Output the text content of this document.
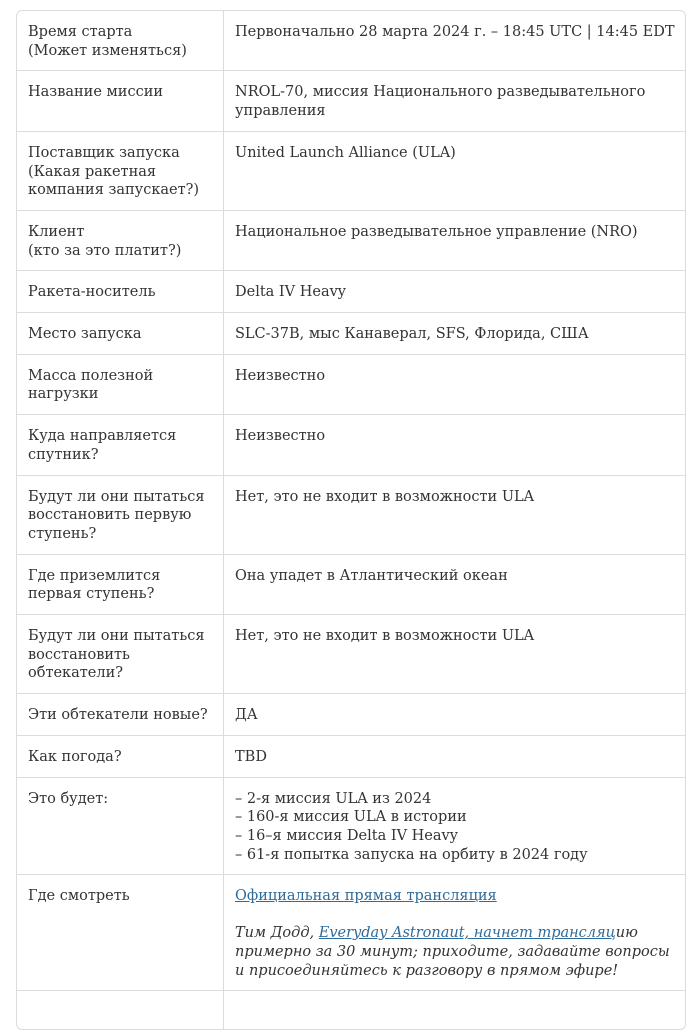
Время старта
(Может изменяться)	Первоначально 28 марта 2024 г. – 18:45 UTC | 14:45 EDT
Название миссии	NROL-70, миссия Национального разведывательного управления
Поставщик запуска
(Какая ракетная компания запускает?)	United Launch Alliance (ULA)
Клиент
(кто за это платит?)	Национальное разведывательное управление (NRO)
Ракета-носитель	Delta IV Heavy
Место запуска	SLC-37B, мыс Канаверал, SFS, Флорида, США
Масса полезной нагрузки	Неизвестно
Куда направляется спутник?	Неизвестно
Будут ли они пытаться восстановить первую ступень?	Нет, это не входит в возможности ULA
Где приземлится первая ступень?	Она упадет в Атлантический океан
Будут ли они пытаться восстановить обтекатели?	Нет, это не входит в возможности ULA
Эти обтекатели новые?	ДА
Как погода?	TBD
Это будет:	– 2-я миссия ULA из 2024
– 160-я миссия ULA в истории
– 16–я миссия Delta IV Heavy
– 61-я попытка запуска на орбиту в 2024 году

Где смотреть	Официальная прямая трансляция
Тим Додд, Everyday Astronaut, начнет трансляцию примерно за 30 минут; приходите, задавайте вопросы и присоединяйтесь к разговору в прямом эфире!
